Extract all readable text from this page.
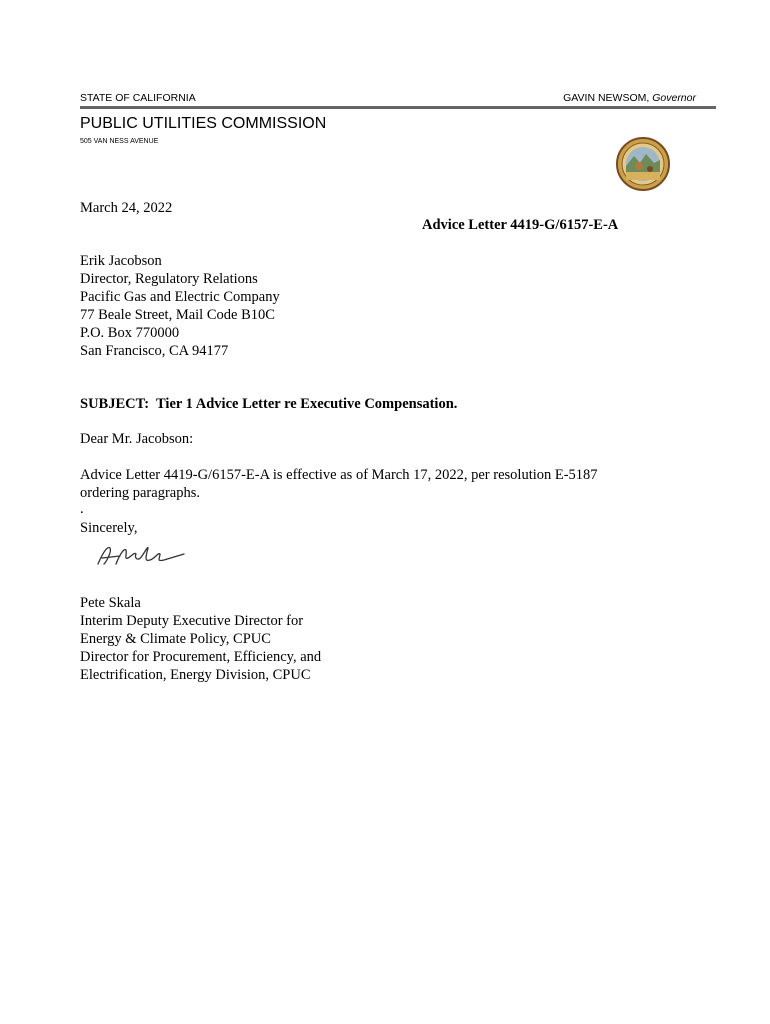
STATE OF CALIFORNIA	GAVIN NEWSOM, Governor
PUBLIC UTILITIES COMMISSION
505 VAN NESS AVENUE
March 24, 2022
Advice Letter 4419-G/6157-E-A
Erik Jacobson
Director, Regulatory Relations
Pacific Gas and Electric Company
77 Beale Street, Mail Code B10C
P.O. Box 770000
San Francisco, CA 94177
SUBJECT:  Tier 1 Advice Letter re Executive Compensation.
Dear Mr. Jacobson:
Advice Letter 4419-G/6157-E-A is effective as of March 17, 2022, per resolution E-5187 ordering paragraphs.
.
Sincerely,
Pete Skala
Interim Deputy Executive Director for
Energy & Climate Policy, CPUC
Director for Procurement, Efficiency, and
Electrification, Energy Division, CPUC
